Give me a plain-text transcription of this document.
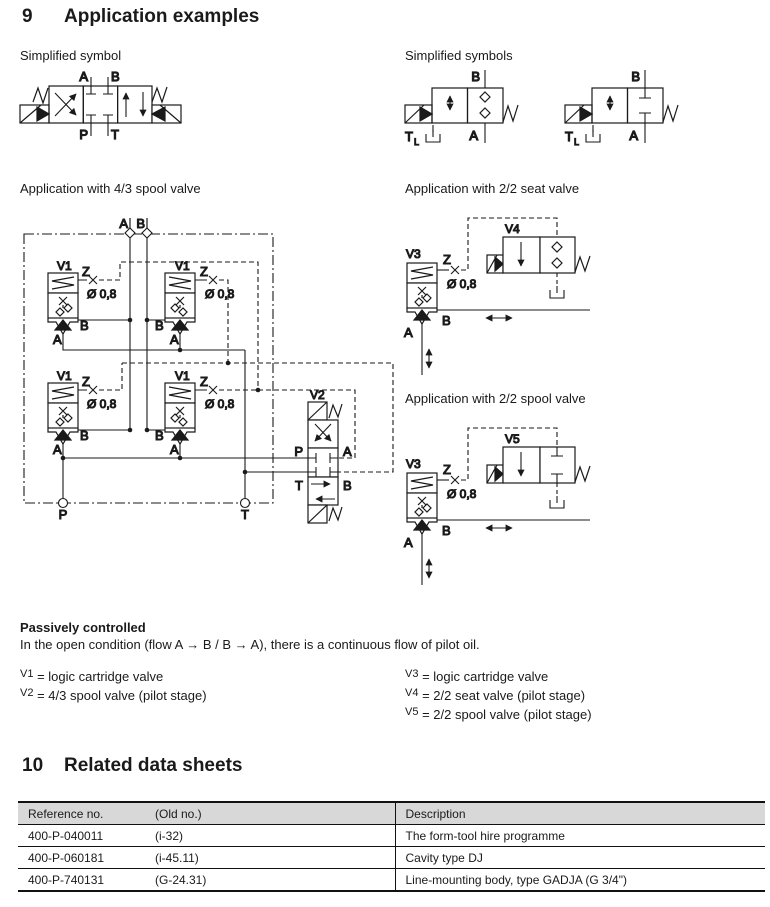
9 Application examples
Simplified symbol	Simplified symbols
Application with 4/3 spool valve	Application with 2/2 seat valve
Application with 2/2 spool valve
A B
P T
B
A
T L
B
A
T L
A B
V1	V1
V1	V1
Z	Z
Z	Z
Ø 0,8	Ø 0,8
Ø 0,8	Ø 0,8
A
B
B
A
A
B	B
A
P	T
V2
P	A
T	B
V3 Z
Ø 0,8
V4
B
A
V3 Z
Ø 0,8
V5
B
A
Passively controlled
In the open condition (flow A → B / B → A), there is a continuous flow of pilot oil.
$^{V1}$ = logic cartridge valve
$^{V2}$ = 4/3 spool valve (pilot stage)
$^{V3}$ = logic cartridge valve
$^{V4}$ = 2/2 seat valve (pilot stage)
$^{V5}$ = 2/2 spool valve (pilot stage)
10 Related data sheets
Reference no.	(Old no.)	Description
400-P-040011	(i-32)	The form-tool hire programme
400-P-060181	(i-45.11)	Cavity type DJ
400-P-740131	(G-24.31)	Line-mounting body, type GADJA (G 3/4")
